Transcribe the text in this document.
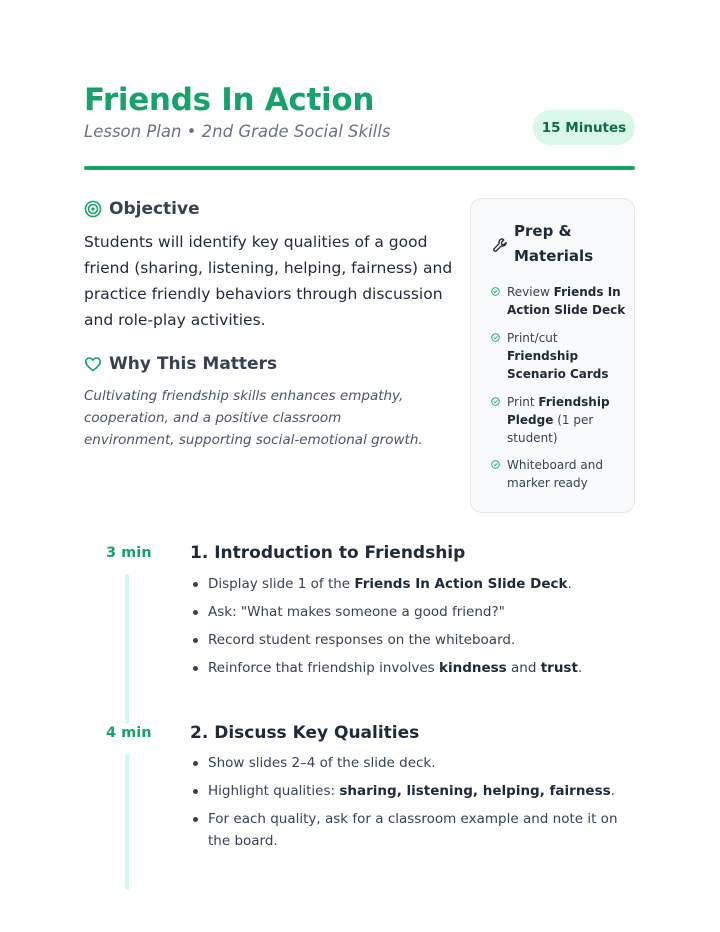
Friends In Action
Lesson Plan • 2nd Grade Social Skills	15 Minutes
Objective

Students will identify key qualities of a good friend (sharing, listening, helping, fairness) and practice friendly behaviors through discussion and role-play activities.

Why This Matters

Cultivating friendship skills enhances empathy, cooperation, and a positive classroom environment, supporting social-emotional growth.

Prep & Materials
Review Friends In Action Slide Deck
Print/cut Friendship Scenario Cards
Print Friendship Pledge (1 per student)
Whiteboard and marker ready
3 min 1. Introduction to Friendship
Display slide 1 of the Friends In Action Slide Deck.
Ask: "What makes someone a good friend?"
Record student responses on the whiteboard.
Reinforce that friendship involves kindness and trust.
4 min 2. Discuss Key Qualities
Show slides 2–4 of the slide deck.
Highlight qualities: sharing, listening, helping, fairness.
For each quality, ask for a classroom example and note it on the board.
